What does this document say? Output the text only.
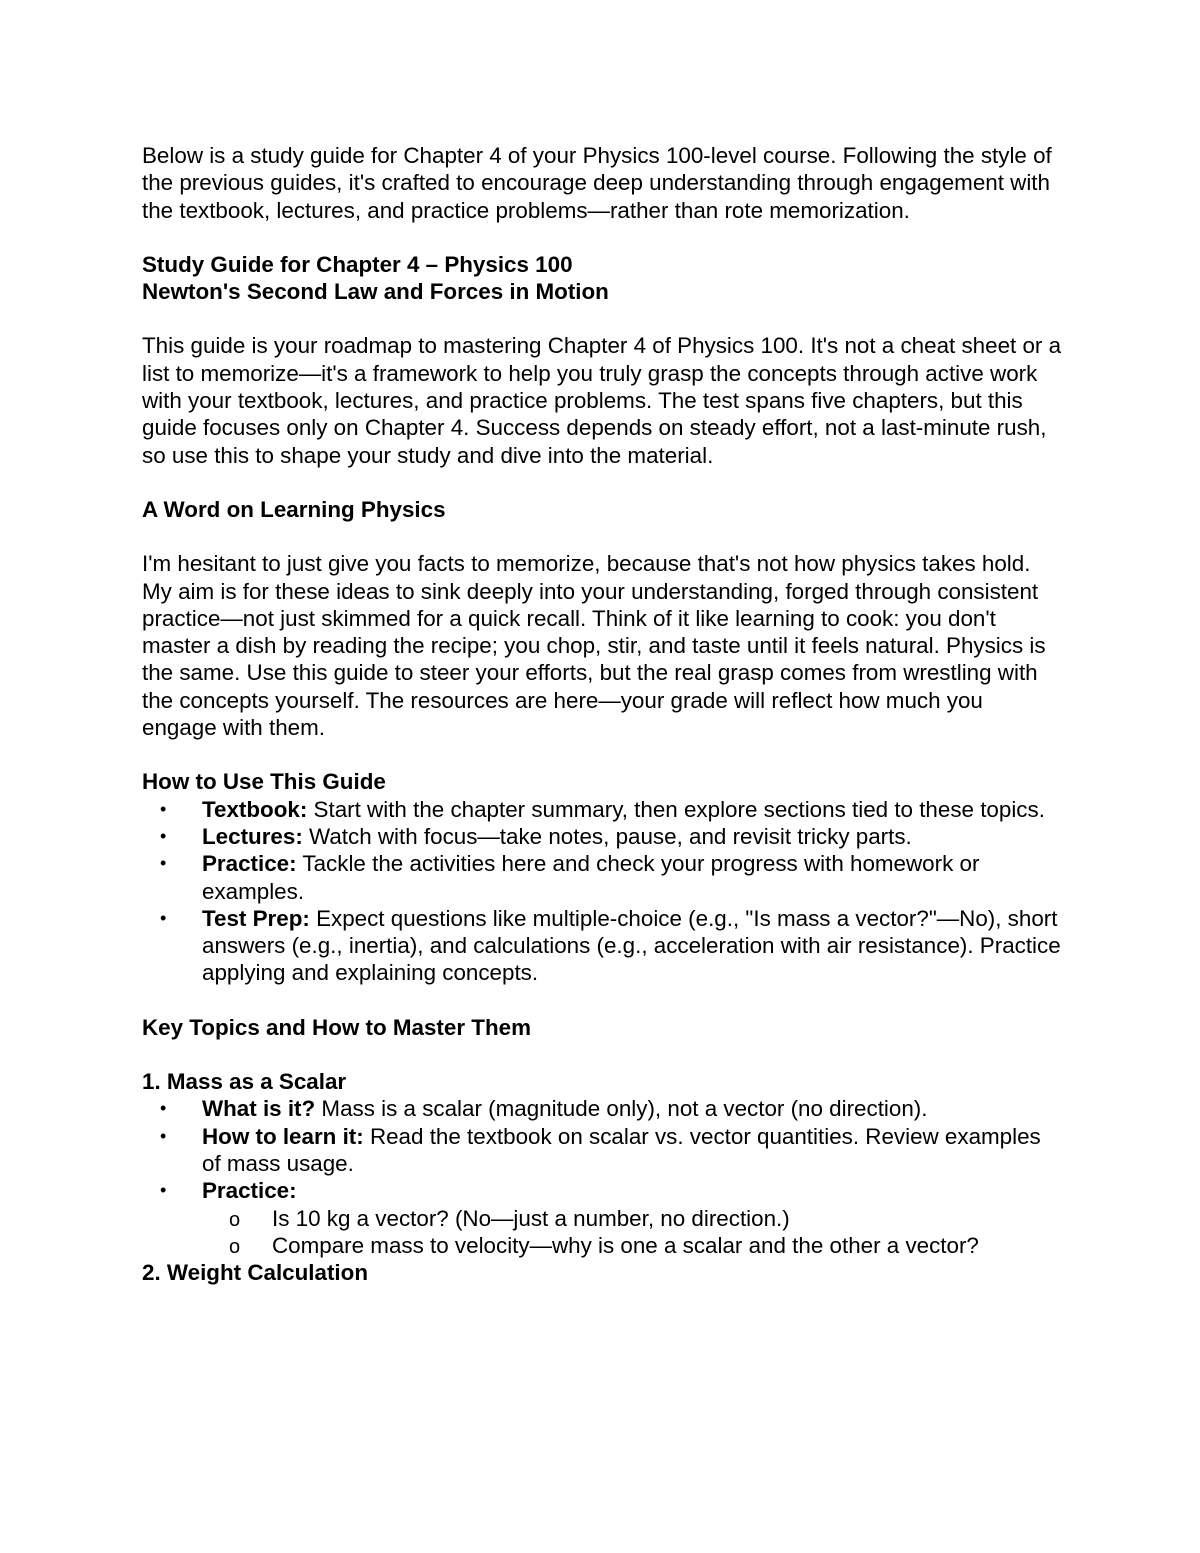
Below is a study guide for Chapter 4 of your Physics 100-level course. Following the style of the previous guides, it's crafted to encourage deep understanding through engagement with the textbook, lectures, and practice problems—rather than rote memorization.

Study Guide for Chapter 4 – Physics 100

Newton's Second Law and Forces in Motion

This guide is your roadmap to mastering Chapter 4 of Physics 100. It's not a cheat sheet or a list to memorize—it's a framework to help you truly grasp the concepts through active work with your textbook, lectures, and practice problems. The test spans five chapters, but this guide focuses only on Chapter 4. Success depends on steady effort, not a last-minute rush, so use this to shape your study and dive into the material.

A Word on Learning Physics

I'm hesitant to just give you facts to memorize, because that's not how physics takes hold. My aim is for these ideas to sink deeply into your understanding, forged through consistent practice—not just skimmed for a quick recall. Think of it like learning to cook: you don't master a dish by reading the recipe; you chop, stir, and taste until it feels natural. Physics is the same. Use this guide to steer your efforts, but the real grasp comes from wrestling with the concepts yourself. The resources are here—your grade will reflect how much you engage with them.

How to Use This Guide

• Textbook: Start with the chapter summary, then explore sections tied to these topics.
• Lectures: Watch with focus—take notes, pause, and revisit tricky parts.
• Practice: Tackle the activities here and check your progress with homework or examples.
• Test Prep: Expect questions like multiple-choice (e.g., "Is mass a vector?"—No), short answers (e.g., inertia), and calculations (e.g., acceleration with air resistance). Practice applying and explaining concepts.

Key Topics and How to Master Them

1. Mass as a Scalar

• What is it? Mass is a scalar (magnitude only), not a vector (no direction).
• How to learn it: Read the textbook on scalar vs. vector quantities. Review examples of mass usage.
• Practice:
o Is 10 kg a vector? (No—just a number, no direction.)
o Compare mass to velocity—why is one a scalar and the other a vector?

2. Weight Calculation
